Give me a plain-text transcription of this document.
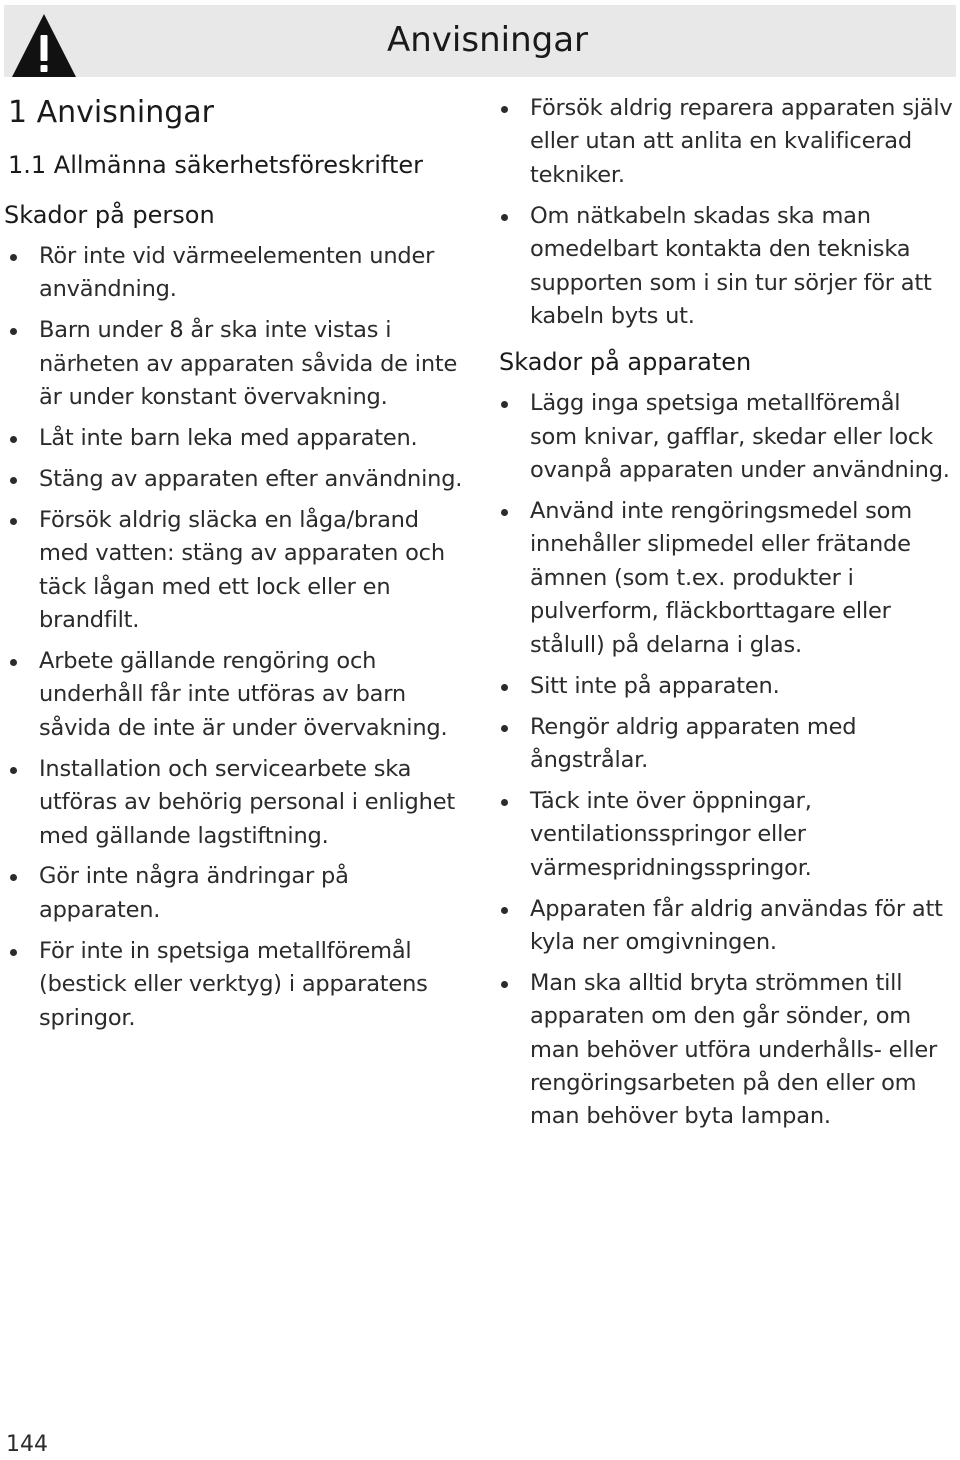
Anvisningar
1 Anvisningar
1.1 Allmänna säkerhetsföreskrifter
Skador på person
Rör inte vid värmeelementen under användning.
Barn under 8 år ska inte vistas i närheten av apparaten såvida de inte är under konstant övervakning.
Låt inte barn leka med apparaten.
Stäng av apparaten efter användning.
Försök aldrig släcka en låga/brand med vatten: stäng av apparaten och täck lågan med ett lock eller en brandfilt.
Arbete gällande rengöring och underhåll får inte utföras av barn såvida de inte är under övervakning.
Installation och servicearbete ska utföras av behörig personal i enlighet med gällande lagstiftning.
Gör inte några ändringar på apparaten.
För inte in spetsiga metallföremål (bestick eller verktyg) i apparatens springor.
Försök aldrig reparera apparaten själv eller utan att anlita en kvalificerad tekniker.
Om nätkabeln skadas ska man omedelbart kontakta den tekniska supporten som i sin tur sörjer för att kabeln byts ut.
Skador på apparaten
Lägg inga spetsiga metallföremål som knivar, gafflar, skedar eller lock ovanpå apparaten under användning.
Använd inte rengöringsmedel som innehåller slipmedel eller frätande ämnen (som t.ex. produkter i pulverform, fläckborttagare eller stålull) på delarna i glas.
Sitt inte på apparaten.
Rengör aldrig apparaten med ångstrålar.
Täck inte över öppningar, ventilationsspringor eller värmespridningsspringor.
Apparaten får aldrig användas för att kyla ner omgivningen.
Man ska alltid bryta strömmen till apparaten om den går sönder, om man behöver utföra underhålls- eller rengöringsarbeten på den eller om man behöver byta lampan.
144
